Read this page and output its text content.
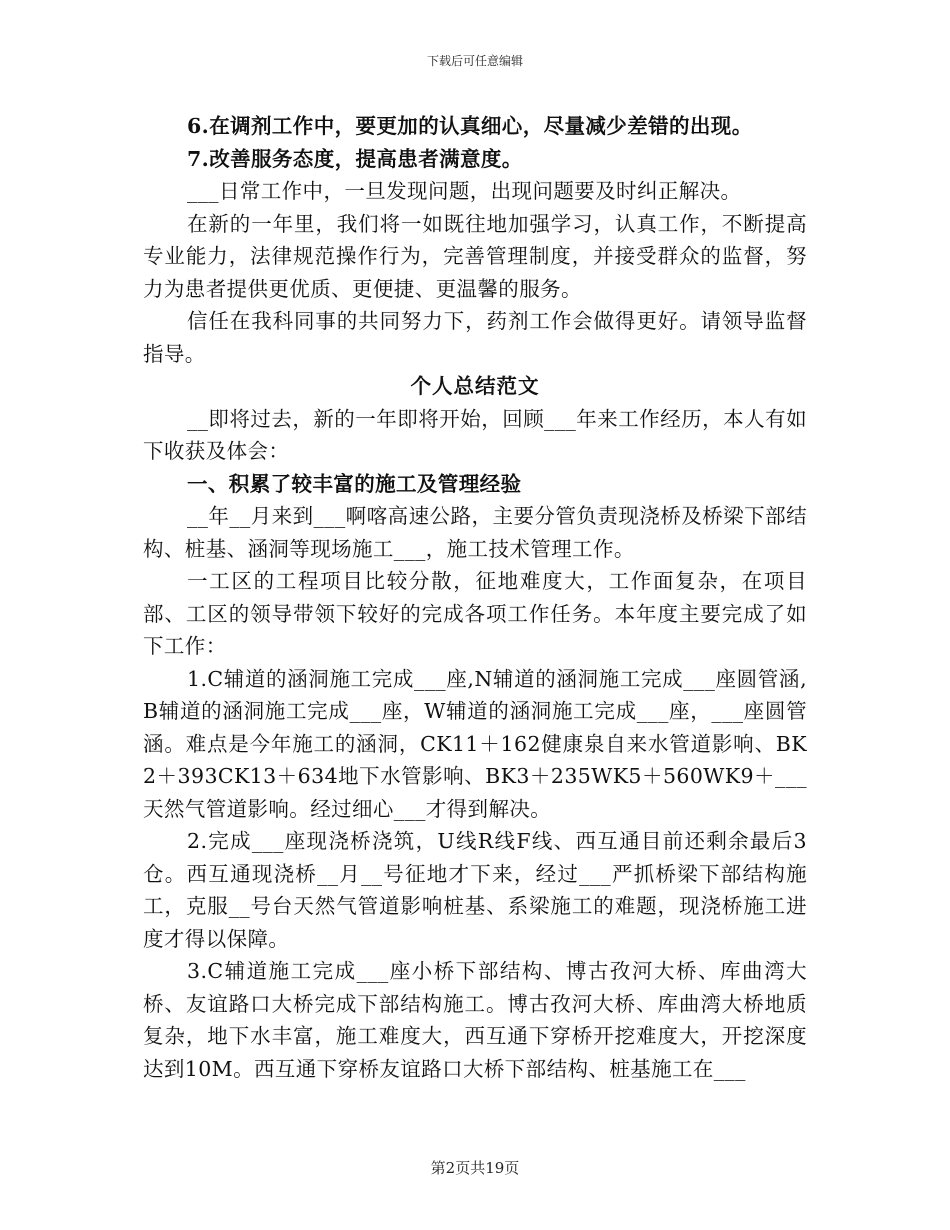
下载后可任意编辑

6.在调剂工作中，要更加的认真细心，尽量减少差错的出现。

7.改善服务态度，提高患者满意度。

___日常工作中，一旦发现问题，出现问题要及时纠正解决。

在新的一年里，我们将一如既往地加强学习，认真工作，不断提高专业能力，法律规范操作行为，完善管理制度，并接受群众的监督，努力为患者提供更优质、更便捷、更温馨的服务。

信任在我科同事的共同努力下，药剂工作会做得更好。请领导监督指导。

个人总结范文

__即将过去，新的一年即将开始，回顾___年来工作经历，本人有如下收获及体会：

一、积累了较丰富的施工及管理经验

__年__月来到___啊喀高速公路，主要分管负责现浇桥及桥梁下部结构、桩基、涵洞等现场施工___，施工技术管理工作。

一工区的工程项目比较分散，征地难度大，工作面复杂，在项目部、工区的领导带领下较好的完成各项工作任务。本年度主要完成了如下工作：

1.C辅道的涵洞施工完成___座,N辅道的涵洞施工完成___座圆管涵,B辅道的涵洞施工完成___座，W辅道的涵洞施工完成___座，___座圆管涵。难点是今年施工的涵洞，CK11＋162健康泉自来水管道影响、BK2＋393CK13＋634地下水管影响、BK3＋235WK5＋560WK9＋___天然气管道影响。经过细心___才得到解决。

2.完成___座现浇桥浇筑，U线R线F线、西互通目前还剩余最后3仓。西互通现浇桥__月__号征地才下来，经过___严抓桥梁下部结构施工，克服__号台天然气管道影响桩基、系梁施工的难题，现浇桥施工进度才得以保障。

3.C辅道施工完成___座小桥下部结构、博古孜河大桥、库曲湾大桥、友谊路口大桥完成下部结构施工。博古孜河大桥、库曲湾大桥地质复杂，地下水丰富，施工难度大，西互通下穿桥开挖难度大，开挖深度达到10M。西互通下穿桥友谊路口大桥下部结构、桩基施工在___

第2页共19页
